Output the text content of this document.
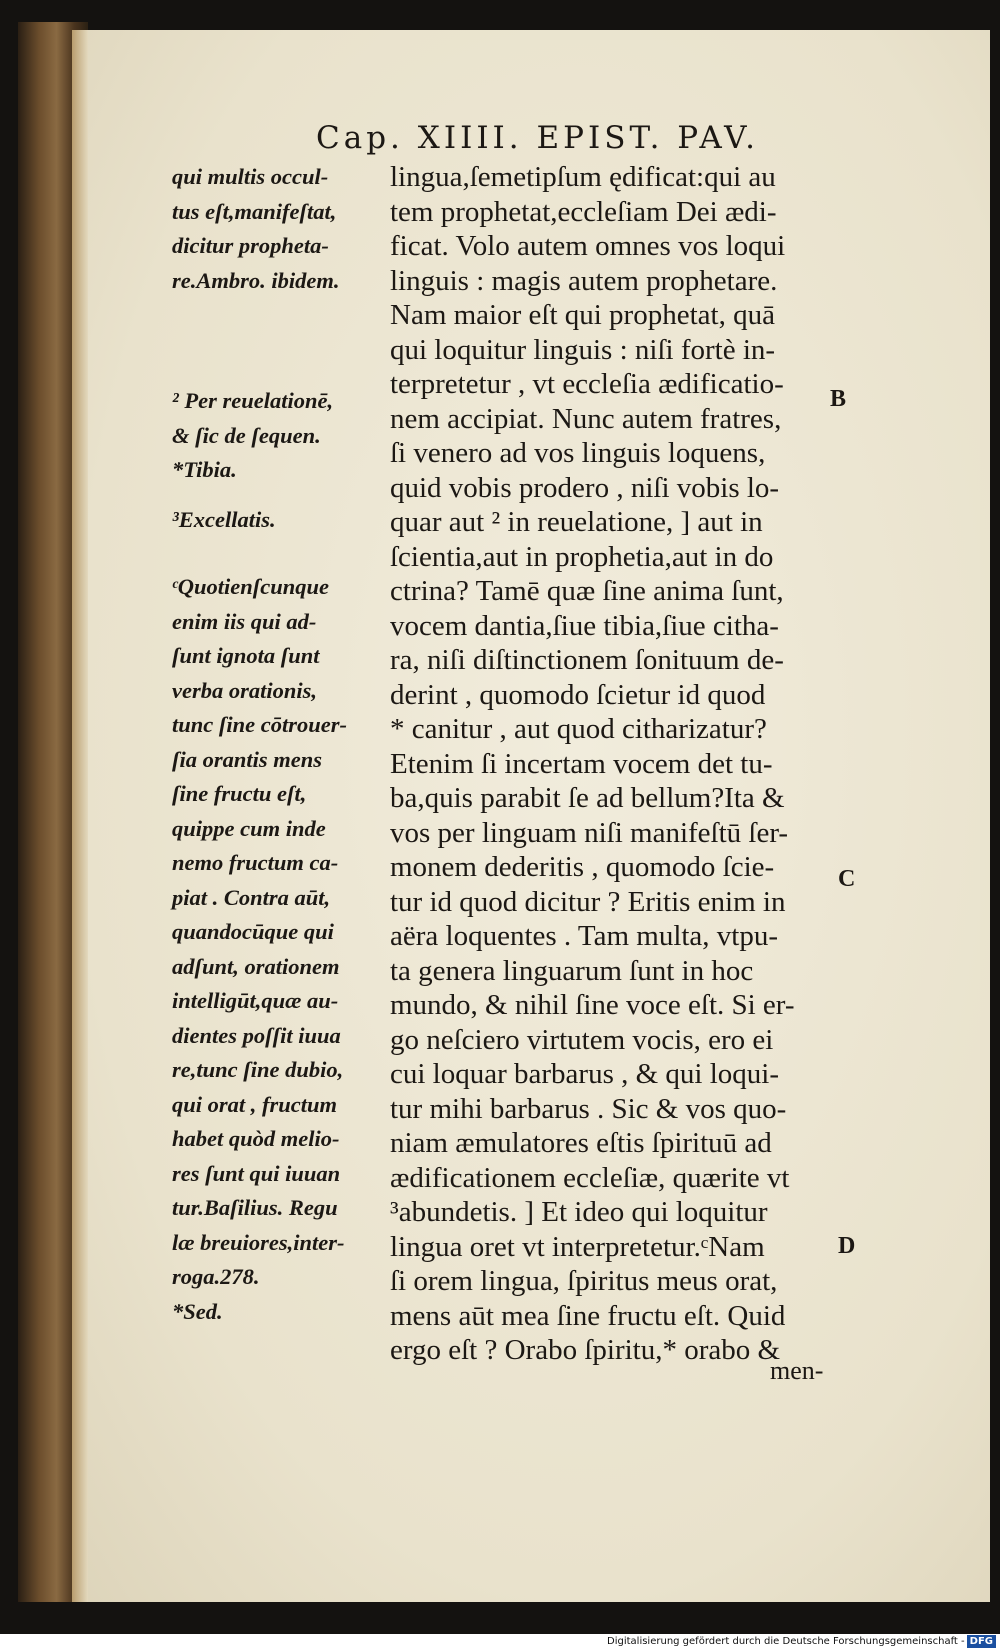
Cap. XIIII. EPIST. PAV.
qui multis occul-
tus eſt,manifeſtat,
dicitur propheta-
re.Ambro. ibidem.
² Per reuelationē,
& ſic de ſequen.
*Tibia.
³Excellatis.
ᶜQuotienſcunque
enim iis qui ad-
ſunt ignota ſunt
verba orationis,
tunc ſine cōtrouer-
ſia orantis mens
ſine fructu eſt,
quippe cum inde
nemo fructum ca-
piat . Contra aūt,
quandocūque qui
adſunt, orationem
intelligūt,quæ au-
dientes poſſit iuua
re,tunc ſine dubio,
qui orat , fructum
habet quòd melio-
res ſunt qui iuuan
tur.Baſilius. Regu
læ breuiores,inter-
roga.278.
*Sed.
lingua,ſemetipſum ędificat:qui au
tem prophetat,eccleſiam Dei ædi-
ficat. Volo autem omnes vos loqui
linguis : magis autem prophetare.
Nam maior eſt qui prophetat, quā
qui loquitur linguis : niſi fortè in-
terpretetur , vt eccleſia ædificatio-
nem accipiat. Nunc autem fratres,
ſi venero ad vos linguis loquens,
quid vobis prodero , niſi vobis lo-
quar aut ² in reuelatione, ] aut in
ſcientia,aut in prophetia,aut in do
ctrina? Tamē quæ ſine anima ſunt,
vocem dantia,ſiue tibia,ſiue citha-
ra, niſi diſtinctionem ſonituum de-
derint , quomodo ſcietur id quod
* canitur , aut quod citharizatur?
Etenim ſi incertam vocem det tu-
ba,quis parabit ſe ad bellum?Ita &
vos per linguam niſi manifeſtū ſer-
monem dederitis , quomodo ſcie-
tur id quod dicitur ? Eritis enim in
aëra loquentes . Tam multa, vtpu-
ta genera linguarum ſunt in hoc
mundo, & nihil ſine voce eſt. Si er-
go neſciero virtutem vocis, ero ei
cui loquar barbarus , & qui loqui-
tur mihi barbarus . Sic & vos quo-
niam æmulatores eſtis ſpirituū ad
ædificationem eccleſiæ, quærite vt
³abundetis. ] Et ideo qui loquitur
lingua oret vt interpretetur.ᶜNam
ſi orem lingua, ſpiritus meus orat,
mens aūt mea ſine fructu eſt. Quid
ergo eſt ? Orabo ſpiritu,* orabo &
B
C
D
men-
Digitalisierung gefördert durch die Deutsche Forschungsgemeinschaft - DFG
